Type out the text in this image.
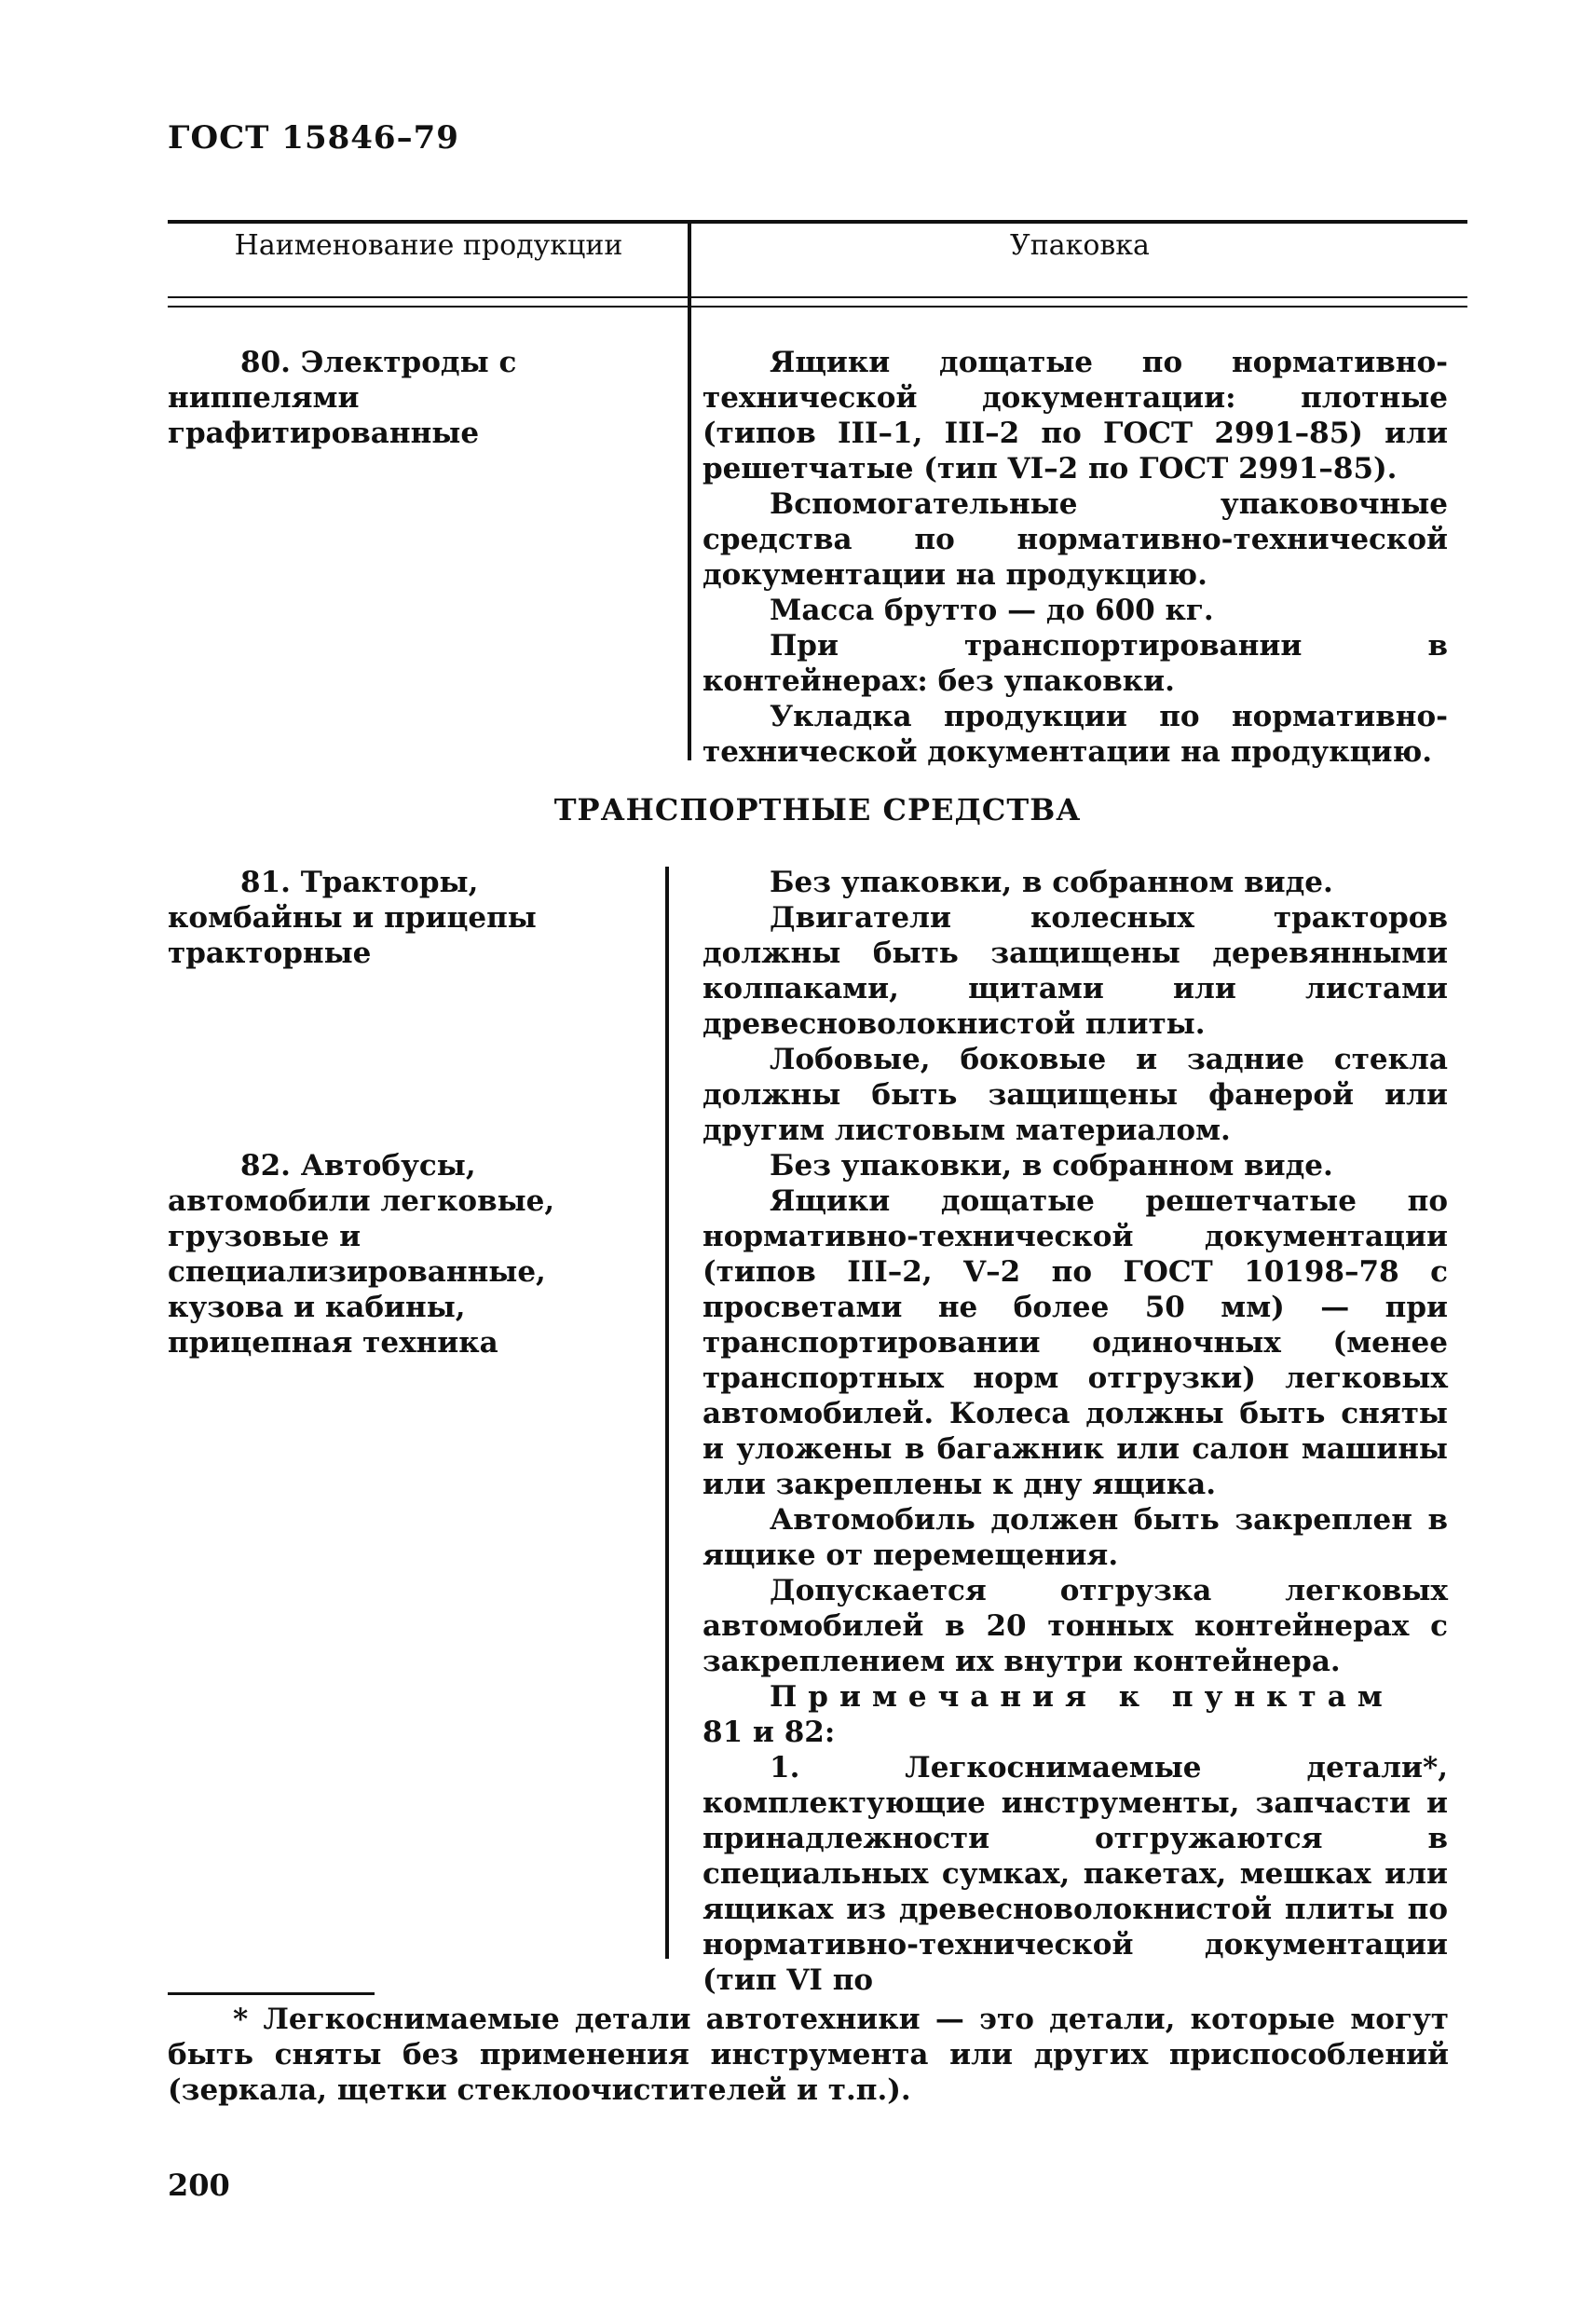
ГОСТ 15846–79
Наименование продукции	Упаковка

80. Электроды с ниппелями графитированные

Ящики дощатые по нормативно-технической документации: плотные (типов III–1, III–2 по ГОСТ 2991–85) или решетчатые (тип VI–2 по ГОСТ 2991–85).

Вспомогательные упаковочные средства по нормативно-технической документации на продукцию.

Масса брутто — до 600 кг.

При транспортировании в контейнерах: без упаковки.

Укладка продукции по нормативно-технической документации на продукцию.

ТРАНСПОРТНЫЕ СРЕДСТВА

81. Тракторы, комбайны и прицепы тракторные

Без упаковки, в собранном виде.

Двигатели колесных тракторов должны быть защищены деревянными колпаками, щитами или листами древесноволокнистой плиты.

Лобовые, боковые и задние стекла должны быть защищены фанерой или другим листовым материалом.

82. Автобусы, автомобили легковые, грузовые и специализированные, кузова и кабины, прицепная техника

Без упаковки, в собранном виде.

Ящики дощатые решетчатые по нормативно-технической документации (типов III–2, V–2 по ГОСТ 10198–78 с просветами не более 50 мм) — при транспортировании одиночных (менее транспортных норм отгрузки) легковых автомобилей. Колеса должны быть сняты и уложены в багажник или салон машины или закреплены к дну ящика.

Автомобиль должен быть закреплен в ящике от перемещения.

Допускается отгрузка легковых автомобилей в 20 тонных контейнерах с закреплением их внутри контейнера.

Примечания к пунктам

81 и 82:

1. Легкоснимаемые детали*, комплектующие инструменты, запчасти и принадлежности отгружаются в специальных сумках, пакетах, мешках или ящиках из древесноволокнистой плиты по нормативно-технической документации (тип VI по

* Легкоснимаемые детали автотехники — это детали, которые могут быть сняты без применения инструмента или других приспособлений (зеркала, щетки стеклоочистителей и т.п.).

200
